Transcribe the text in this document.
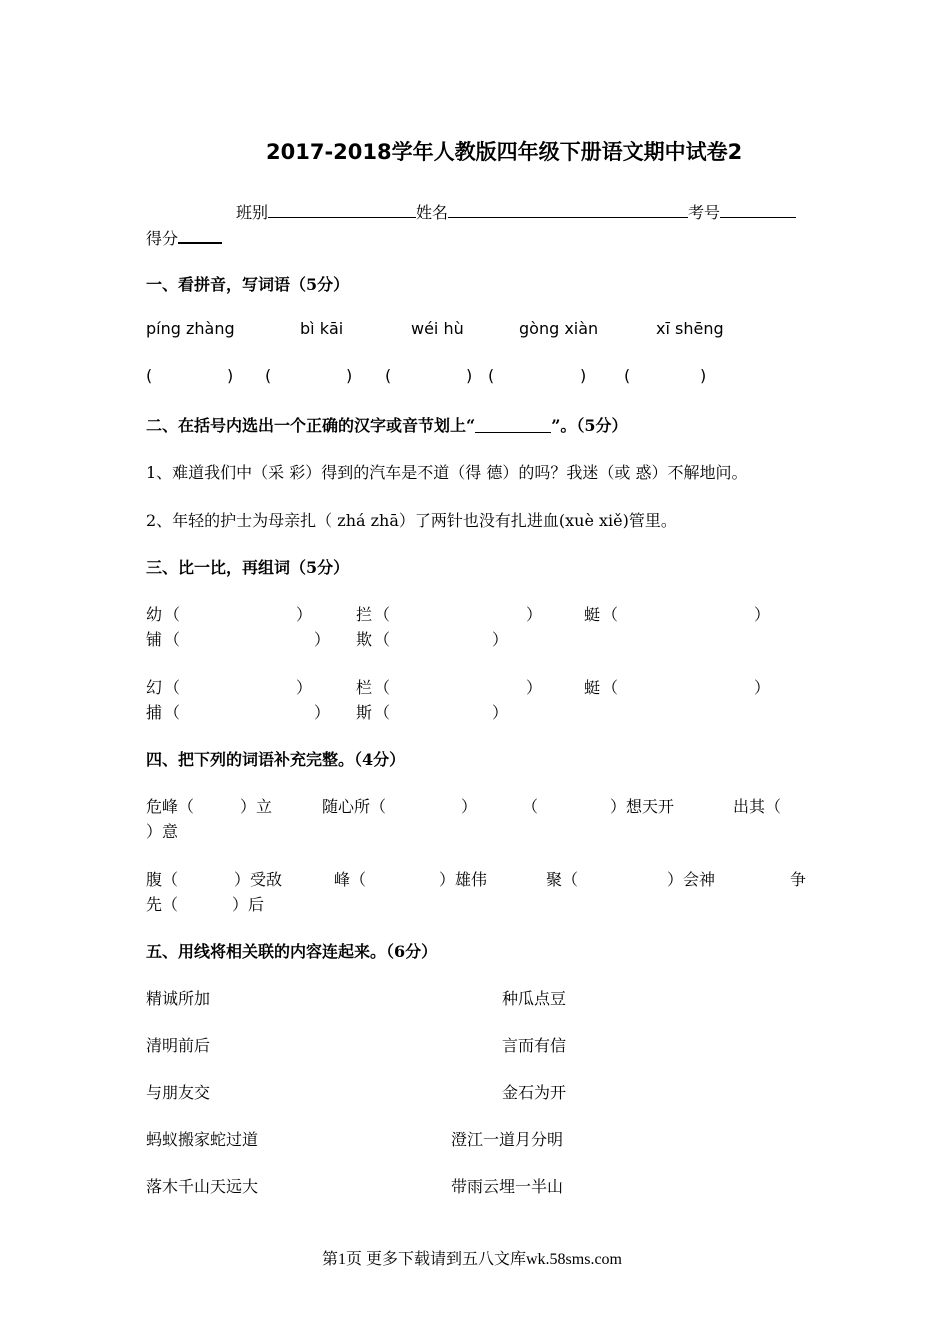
2017-2018学年人教版四年级下册语文期中试卷2
班别	姓名	考号
得分
一、看拼音，写词语（5分）
píng zhàng	bì kāi	wéi hù	gòng xiàn	xī shēng
(	) (	) (	) (	) (	)
二、在括号内选出一个正确的汉字或音节划上“	”。（5分）
1、难道我们中（采 彩）得到的汽车是不道（得 德）的吗？我迷（或 惑）不解地问。
2、年轻的护士为母亲扎（ zhá zhā）了两针也没有扎进血(xuè xiě)管里。
三、比一比，再组词（5分）
幼 （	）	拦 （	）	蜓 （	）
铺 （	） 欺 （	）
幻 （	）	栏 （	）	蜓 （	）
捕 （	） 斯 （	）
四、把下列的词语补充完整。（4分）
危峰（	）立	随心所（	）	（	）想天开	出其（
）意
腹（	）受敌	峰（	）雄伟	聚（	）会神	争
先（	）后
五、用线将相关联的内容连起来。（6分）
精诚所加	种瓜点豆
清明前后	言而有信
与朋友交	金石为开
蚂蚁搬家蛇过道	澄江一道月分明
落木千山天远大	带雨云埋一半山
第1页 更多下载请到五八文库wk.58sms.com
